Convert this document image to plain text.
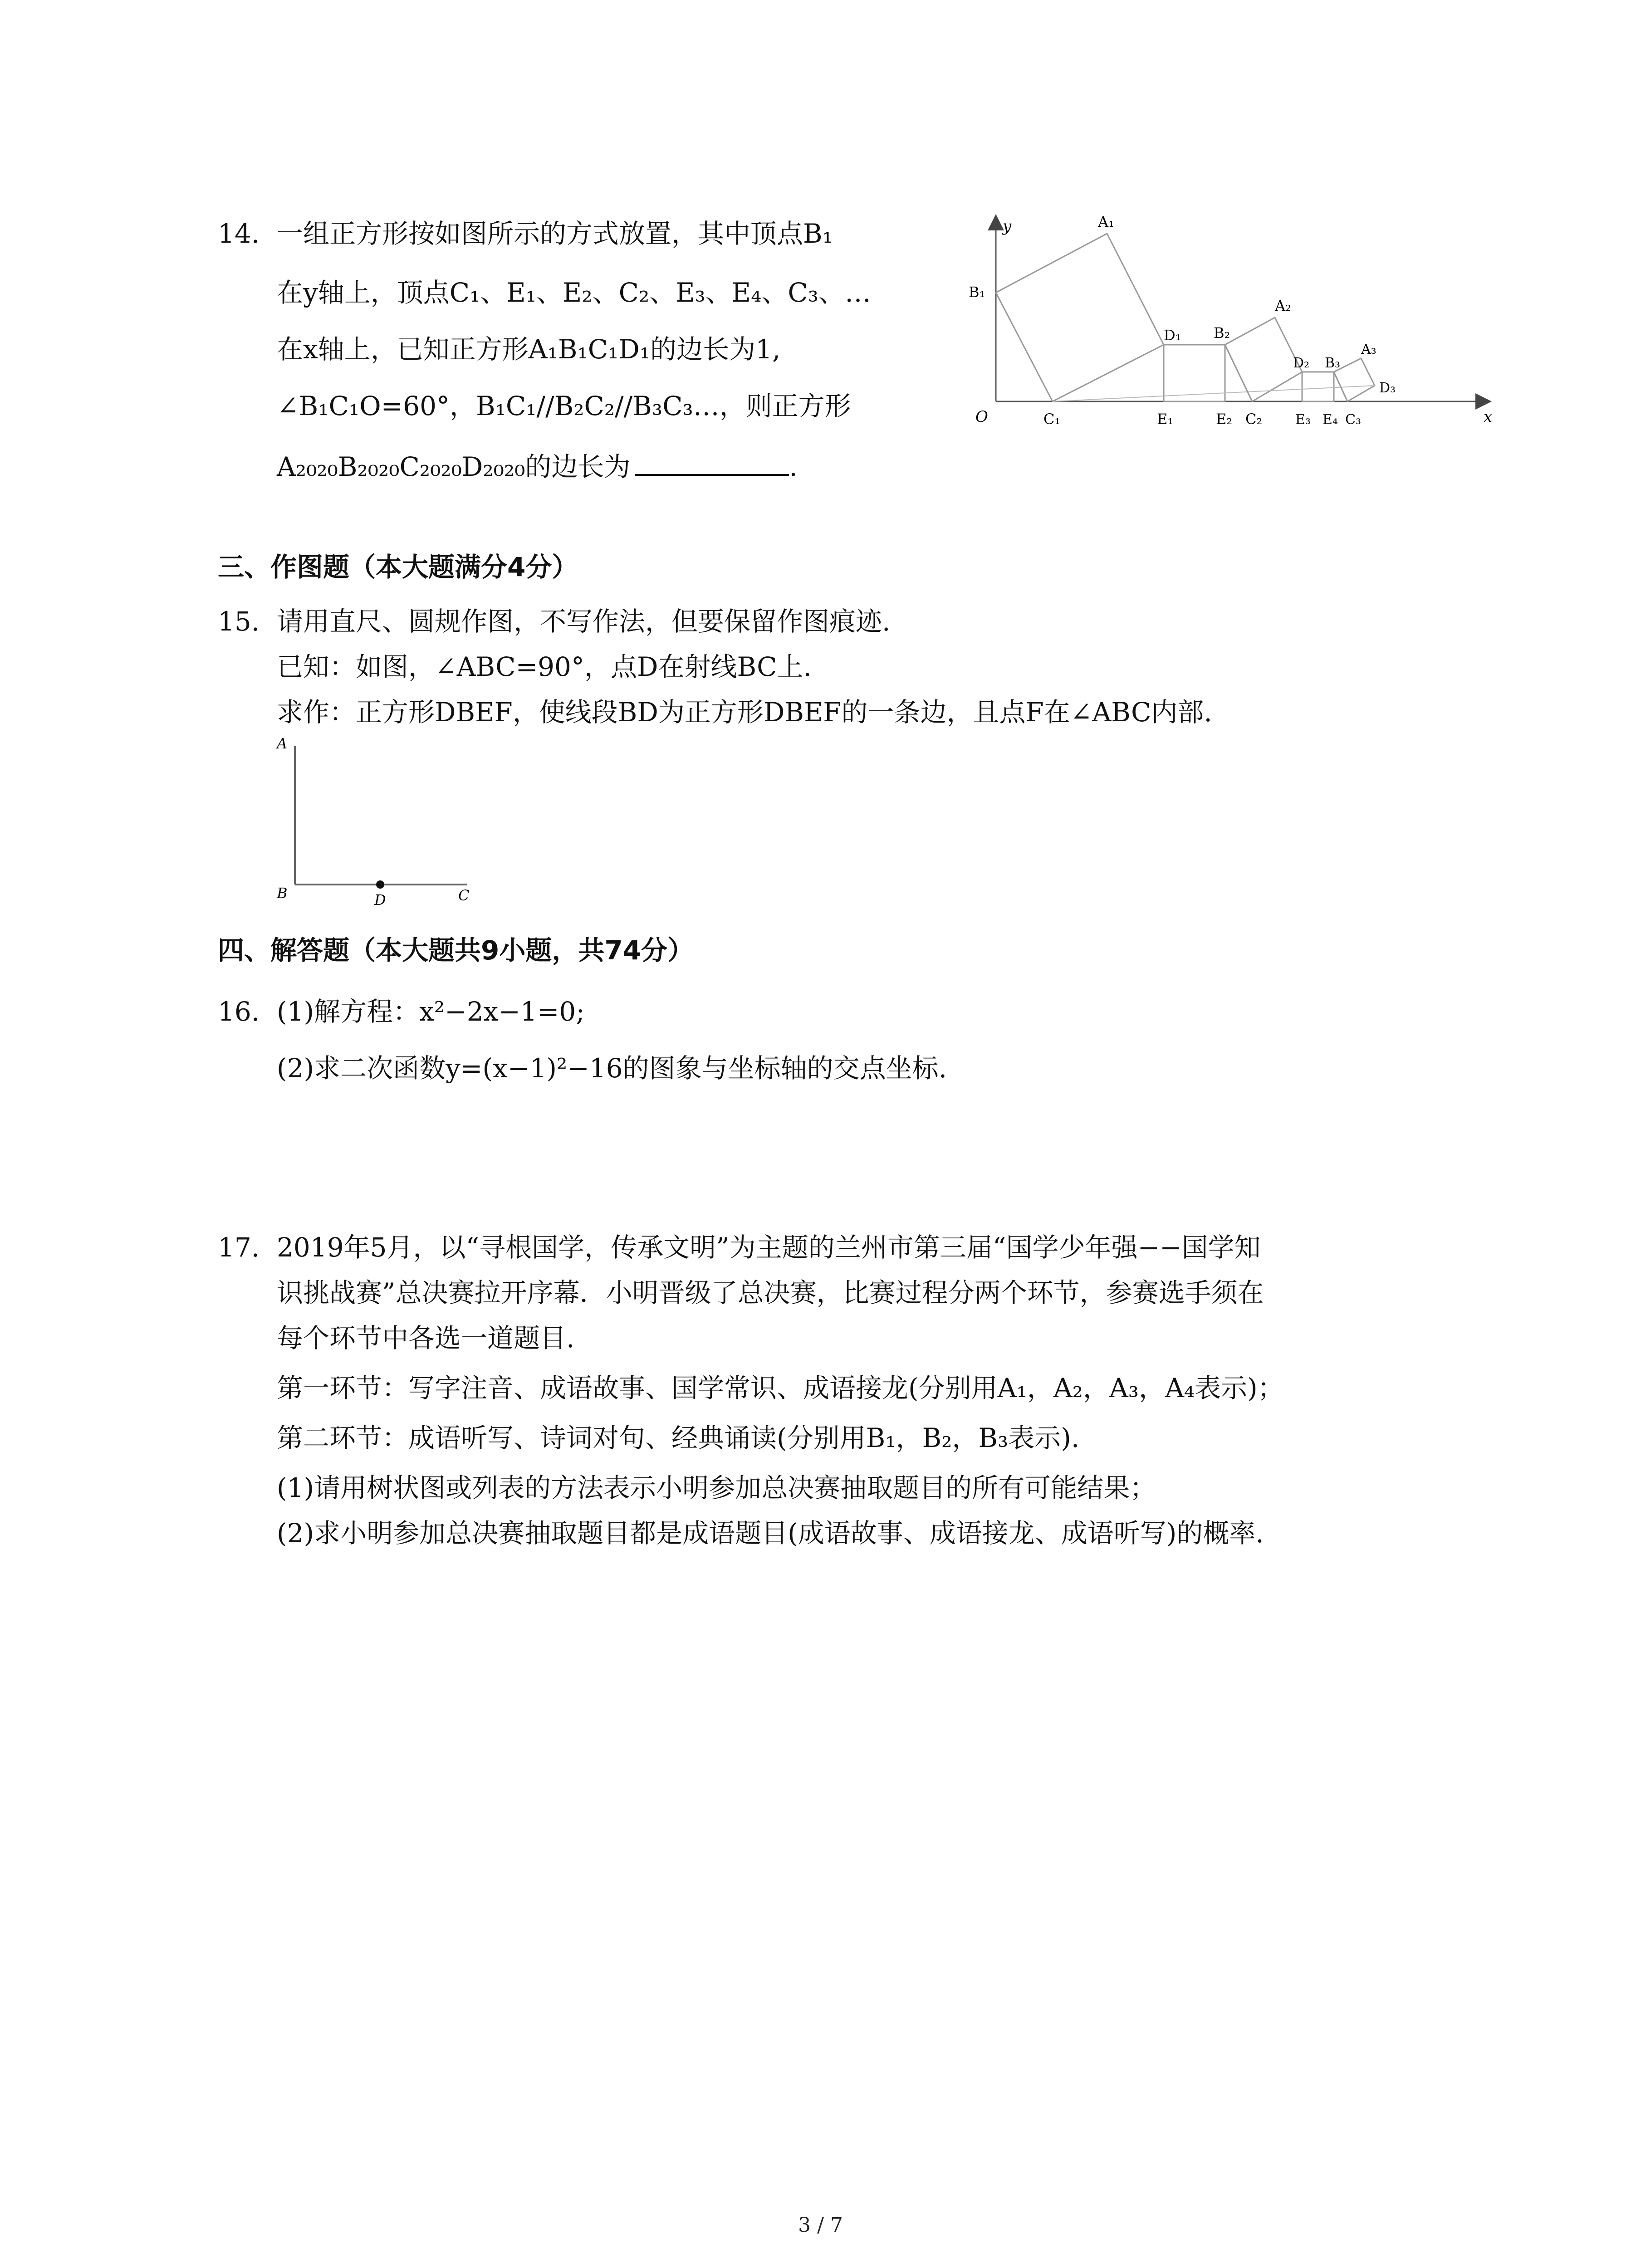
14. 一组正方形按如图所示的方式放置，其中顶点B₁
在y轴上，顶点C₁、E₁、E₂、C₂、E₃、E₄、C₃、…
在x轴上，已知正方形A₁B₁C₁D₁的边长为1,
∠B₁C₁O=60°，B₁C₁//B₂C₂//B₃C₃…，则正方形
A₂₀₂₀B₂₀₂₀C₂₀₂₀D₂₀₂₀的边长为	.
y
x
O
A₁
B₁
C₁
D₁
E₁
B₂
A₂
E₂ C₂
D₂ B₃
A₃
D₃
E₃ E₄ C₃
三、作图题（本大题满分4分）
15. 请用直尺、圆规作图，不写作法，但要保留作图痕迹.
已知：如图，∠ABC=90°，点D在射线BC上.
求作：正方形DBEF，使线段BD为正方形DBEF的一条边，且点F在∠ABC内部.
A
B	D	C
四、解答题（本大题共9小题，共74分）
16. (1)解方程：x²−2x−1=0;
(2)求二次函数y=(x−1)²−16的图象与坐标轴的交点坐标.
17. 2019年5月，以“寻根国学，传承文明”为主题的兰州市第三届“国学少年强−−国学知
识挑战赛”总决赛拉开序幕．小明晋级了总决赛，比赛过程分两个环节，参赛选手须在
每个环节中各选一道题目.
第一环节：写字注音、成语故事、国学常识、成语接龙(分别用A₁，A₂，A₃，A₄表示)；
第二环节：成语听写、诗词对句、经典诵读(分别用B₁，B₂，B₃表示).
(1)请用树状图或列表的方法表示小明参加总决赛抽取题目的所有可能结果；
(2)求小明参加总决赛抽取题目都是成语题目(成语故事、成语接龙、成语听写)的概率.
3 / 7
